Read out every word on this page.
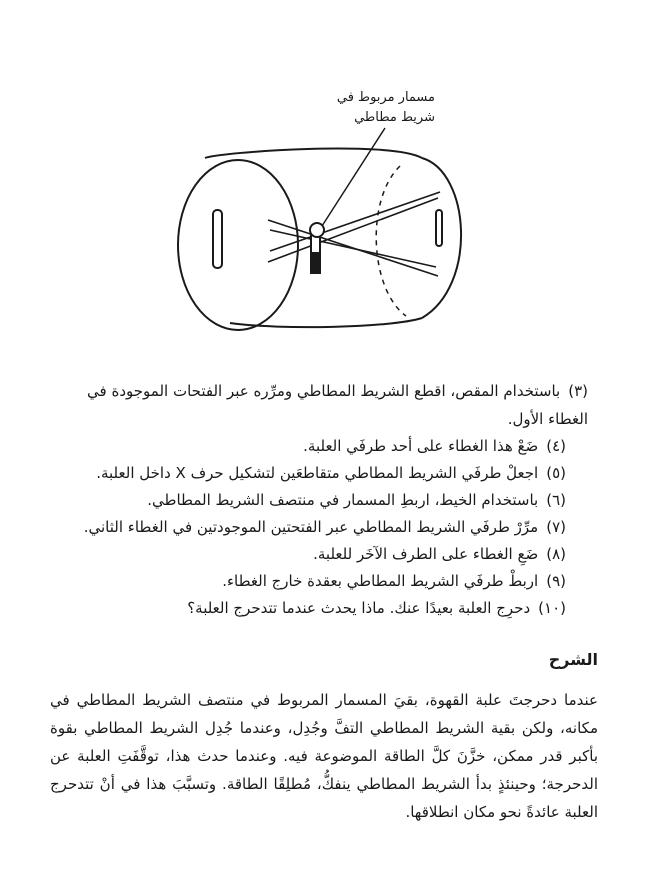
مسمار مربوط في
شريط مطاطي
(٣)باستخدام المقص، اقطع الشريط المطاطي ومرِّره عبر الفتحات الموجودة في الغطاء الأول.
(٤)ضَعْ هذا الغطاء على أحد طرفَي العلبة.
(٥)اجعلْ طرفَي الشريط المطاطي متقاطعَين لتشكيل حرف X داخل العلبة.
(٦)باستخدام الخيط، اربطِ المسمار في منتصف الشريط المطاطي.
(٧)مرِّرْ طرفَي الشريط المطاطي عبر الفتحتين الموجودتين في الغطاء الثاني.
(٨)ضَعِ الغطاء على الطرف الآخَر للعلبة.
(٩)اربطْ طرفَي الشريط المطاطي بعقدة خارج الغطاء.
(١٠)دحرِج العلبة بعيدًا عنك. ماذا يحدث عندما تتدحرج العلبة؟
الشرح

عندما دحرجتَ علبة القهوة، بقيَ المسمار المربوط في منتصف الشريط المطاطي في مكانه، ولكن بقية الشريط المطاطي التفَّ وجُدِل، وعندما جُدِل الشريط المطاطي بقوة بأكبر قدر ممكن، خزَّنَ كلَّ الطاقة الموضوعة فيه. وعندما حدث هذا، توقَّفَتِ العلبة عن الدحرجة؛ وحينئذٍ بدأ الشريط المطاطي ينفكُّ، مُطلِقًا الطاقة. وتسبَّبَ هذا في أنْ تتدحرج العلبة عائدةً نحو مكان انطلاقها.
